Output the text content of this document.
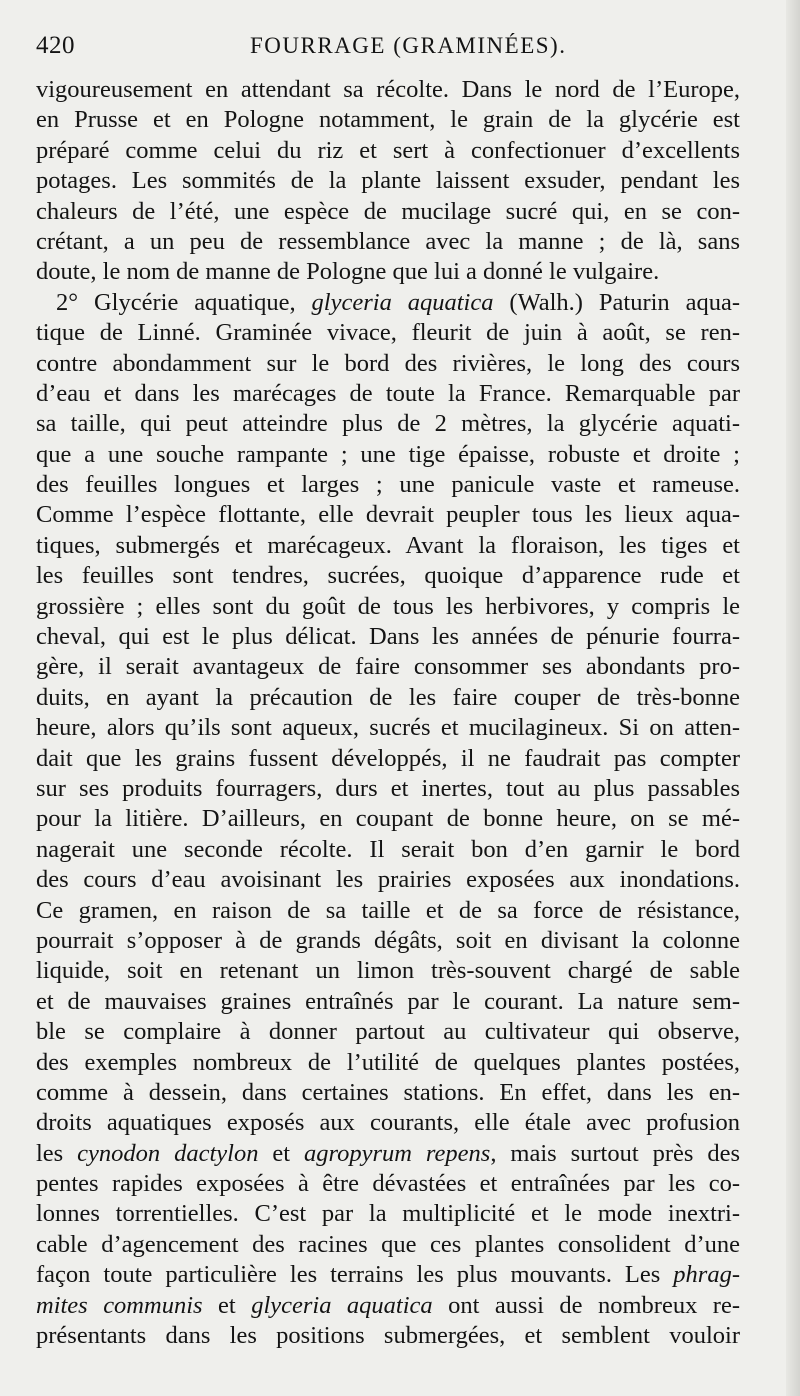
420	FOURRAGE (GRAMINÉES).
vigoureusement en attendant sa récolte. Dans le nord de l’Europe,
en Prusse et en Pologne notamment, le grain de la glycérie est
préparé comme celui du riz et sert à confectionuer d’excellents
potages. Les sommités de la plante laissent exsuder, pendant les
chaleurs de l’été, une espèce de mucilage sucré qui, en se con-
crétant, a un peu de ressemblance avec la manne ; de là, sans
doute, le nom de manne de Pologne que lui a donné le vulgaire.
2° Glycérie aquatique, glyceria aquatica (Walh.) Paturin aqua-
tique de Linné. Graminée vivace, fleurit de juin à août, se ren-
contre abondamment sur le bord des rivières, le long des cours
d’eau et dans les marécages de toute la France. Remarquable par
sa taille, qui peut atteindre plus de 2 mètres, la glycérie aquati-
que a une souche rampante ; une tige épaisse, robuste et droite ;
des feuilles longues et larges ; une panicule vaste et rameuse.
Comme l’espèce flottante, elle devrait peupler tous les lieux aqua-
tiques, submergés et marécageux. Avant la floraison, les tiges et
les feuilles sont tendres, sucrées, quoique d’apparence rude et
grossière ; elles sont du goût de tous les herbivores, y compris le
cheval, qui est le plus délicat. Dans les années de pénurie fourra-
gère, il serait avantageux de faire consommer ses abondants pro-
duits, en ayant la précaution de les faire couper de très-bonne
heure, alors qu’ils sont aqueux, sucrés et mucilagineux. Si on atten-
dait que les grains fussent développés, il ne faudrait pas compter
sur ses produits fourragers, durs et inertes, tout au plus passables
pour la litière. D’ailleurs, en coupant de bonne heure, on se mé-
nagerait une seconde récolte. Il serait bon d’en garnir le bord
des cours d’eau avoisinant les prairies exposées aux inondations.
Ce gramen, en raison de sa taille et de sa force de résistance,
pourrait s’opposer à de grands dégâts, soit en divisant la colonne
liquide, soit en retenant un limon très-souvent chargé de sable
et de mauvaises graines entraînés par le courant. La nature sem-
ble se complaire à donner partout au cultivateur qui observe,
des exemples nombreux de l’utilité de quelques plantes postées,
comme à dessein, dans certaines stations. En effet, dans les en-
droits aquatiques exposés aux courants, elle étale avec profusion
les cynodon dactylon et agropyrum repens, mais surtout près des
pentes rapides exposées à être dévastées et entraînées par les co-
lonnes torrentielles. C’est par la multiplicité et le mode inextri-
cable d’agencement des racines que ces plantes consolident d’une
façon toute particulière les terrains les plus mouvants. Les phrag-
mites communis et glyceria aquatica ont aussi de nombreux re-
présentants dans les positions submergées, et semblent vouloir
